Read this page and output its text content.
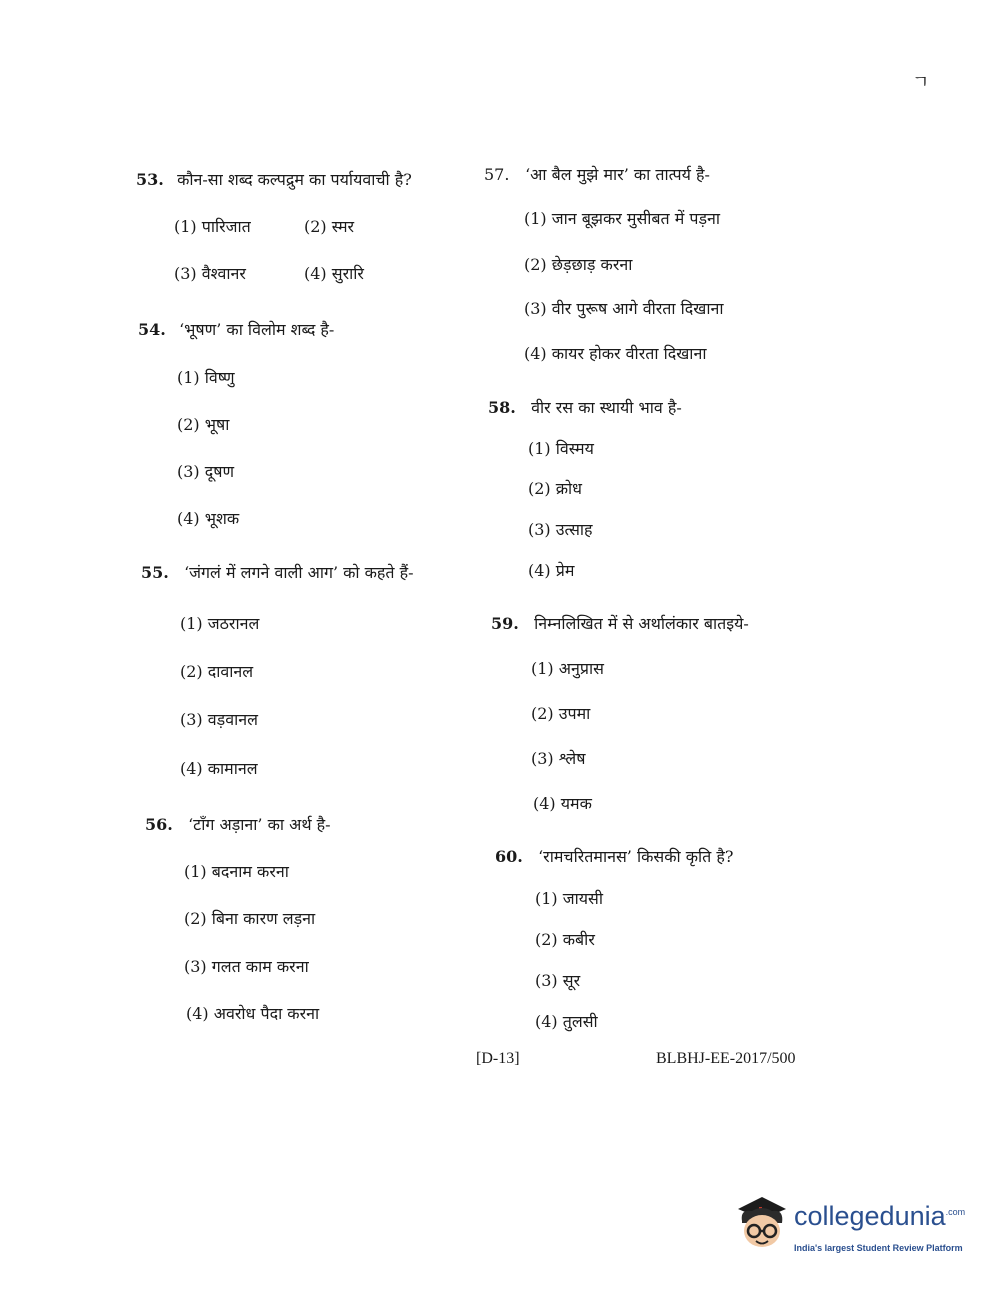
ㄱ
53. कौन-सा शब्द कल्पद्रुम का पर्यायवाची है?
(1) पारिजात	(2) स्मर
(3) वैश्वानर	(4) सुरारि
54. ‘भूषण’ का विलोम शब्द है-
(1) विष्णु
(2) भूषा
(3) दूषण
(4) भूशक
55. ‘जंगलं में लगने वाली आग’ को कहते हैं-
(1) जठरानल
(2) दावानल
(3) वड़वानल
(4) कामानल
56. ‘टाँग अड़ाना’ का अर्थ है-
(1) बदनाम करना
(2) बिना कारण लड़ना
(3) गलत काम करना
(4) अवरोध पैदा करना
57. ‘आ बैल मुझे मार’ का तात्पर्य है-
(1) जान बूझकर मुसीबत में पड़ना
(2) छेड़छाड़ करना
(3) वीर पुरूष आगे वीरता दिखाना
(4) कायर होकर वीरता दिखाना
58. वीर रस का स्थायी भाव है-
(1) विस्मय
(2) क्रोध
(3) उत्साह
(4) प्रेम
59. निम्नलिखित में से अर्थालंकार बातइये-
(1) अनुप्रास
(2) उपमा
(3) श्लेष
(4) यमक
60. ‘रामचरितमानस’ किसकी कृति है?
(1) जायसी
(2) कबीर
(3) सूर
(4) तुलसी
[D-13]	BLBHJ-EE-2017/500
collegedunia$^{.com}$
India's largest Student Review Platform
